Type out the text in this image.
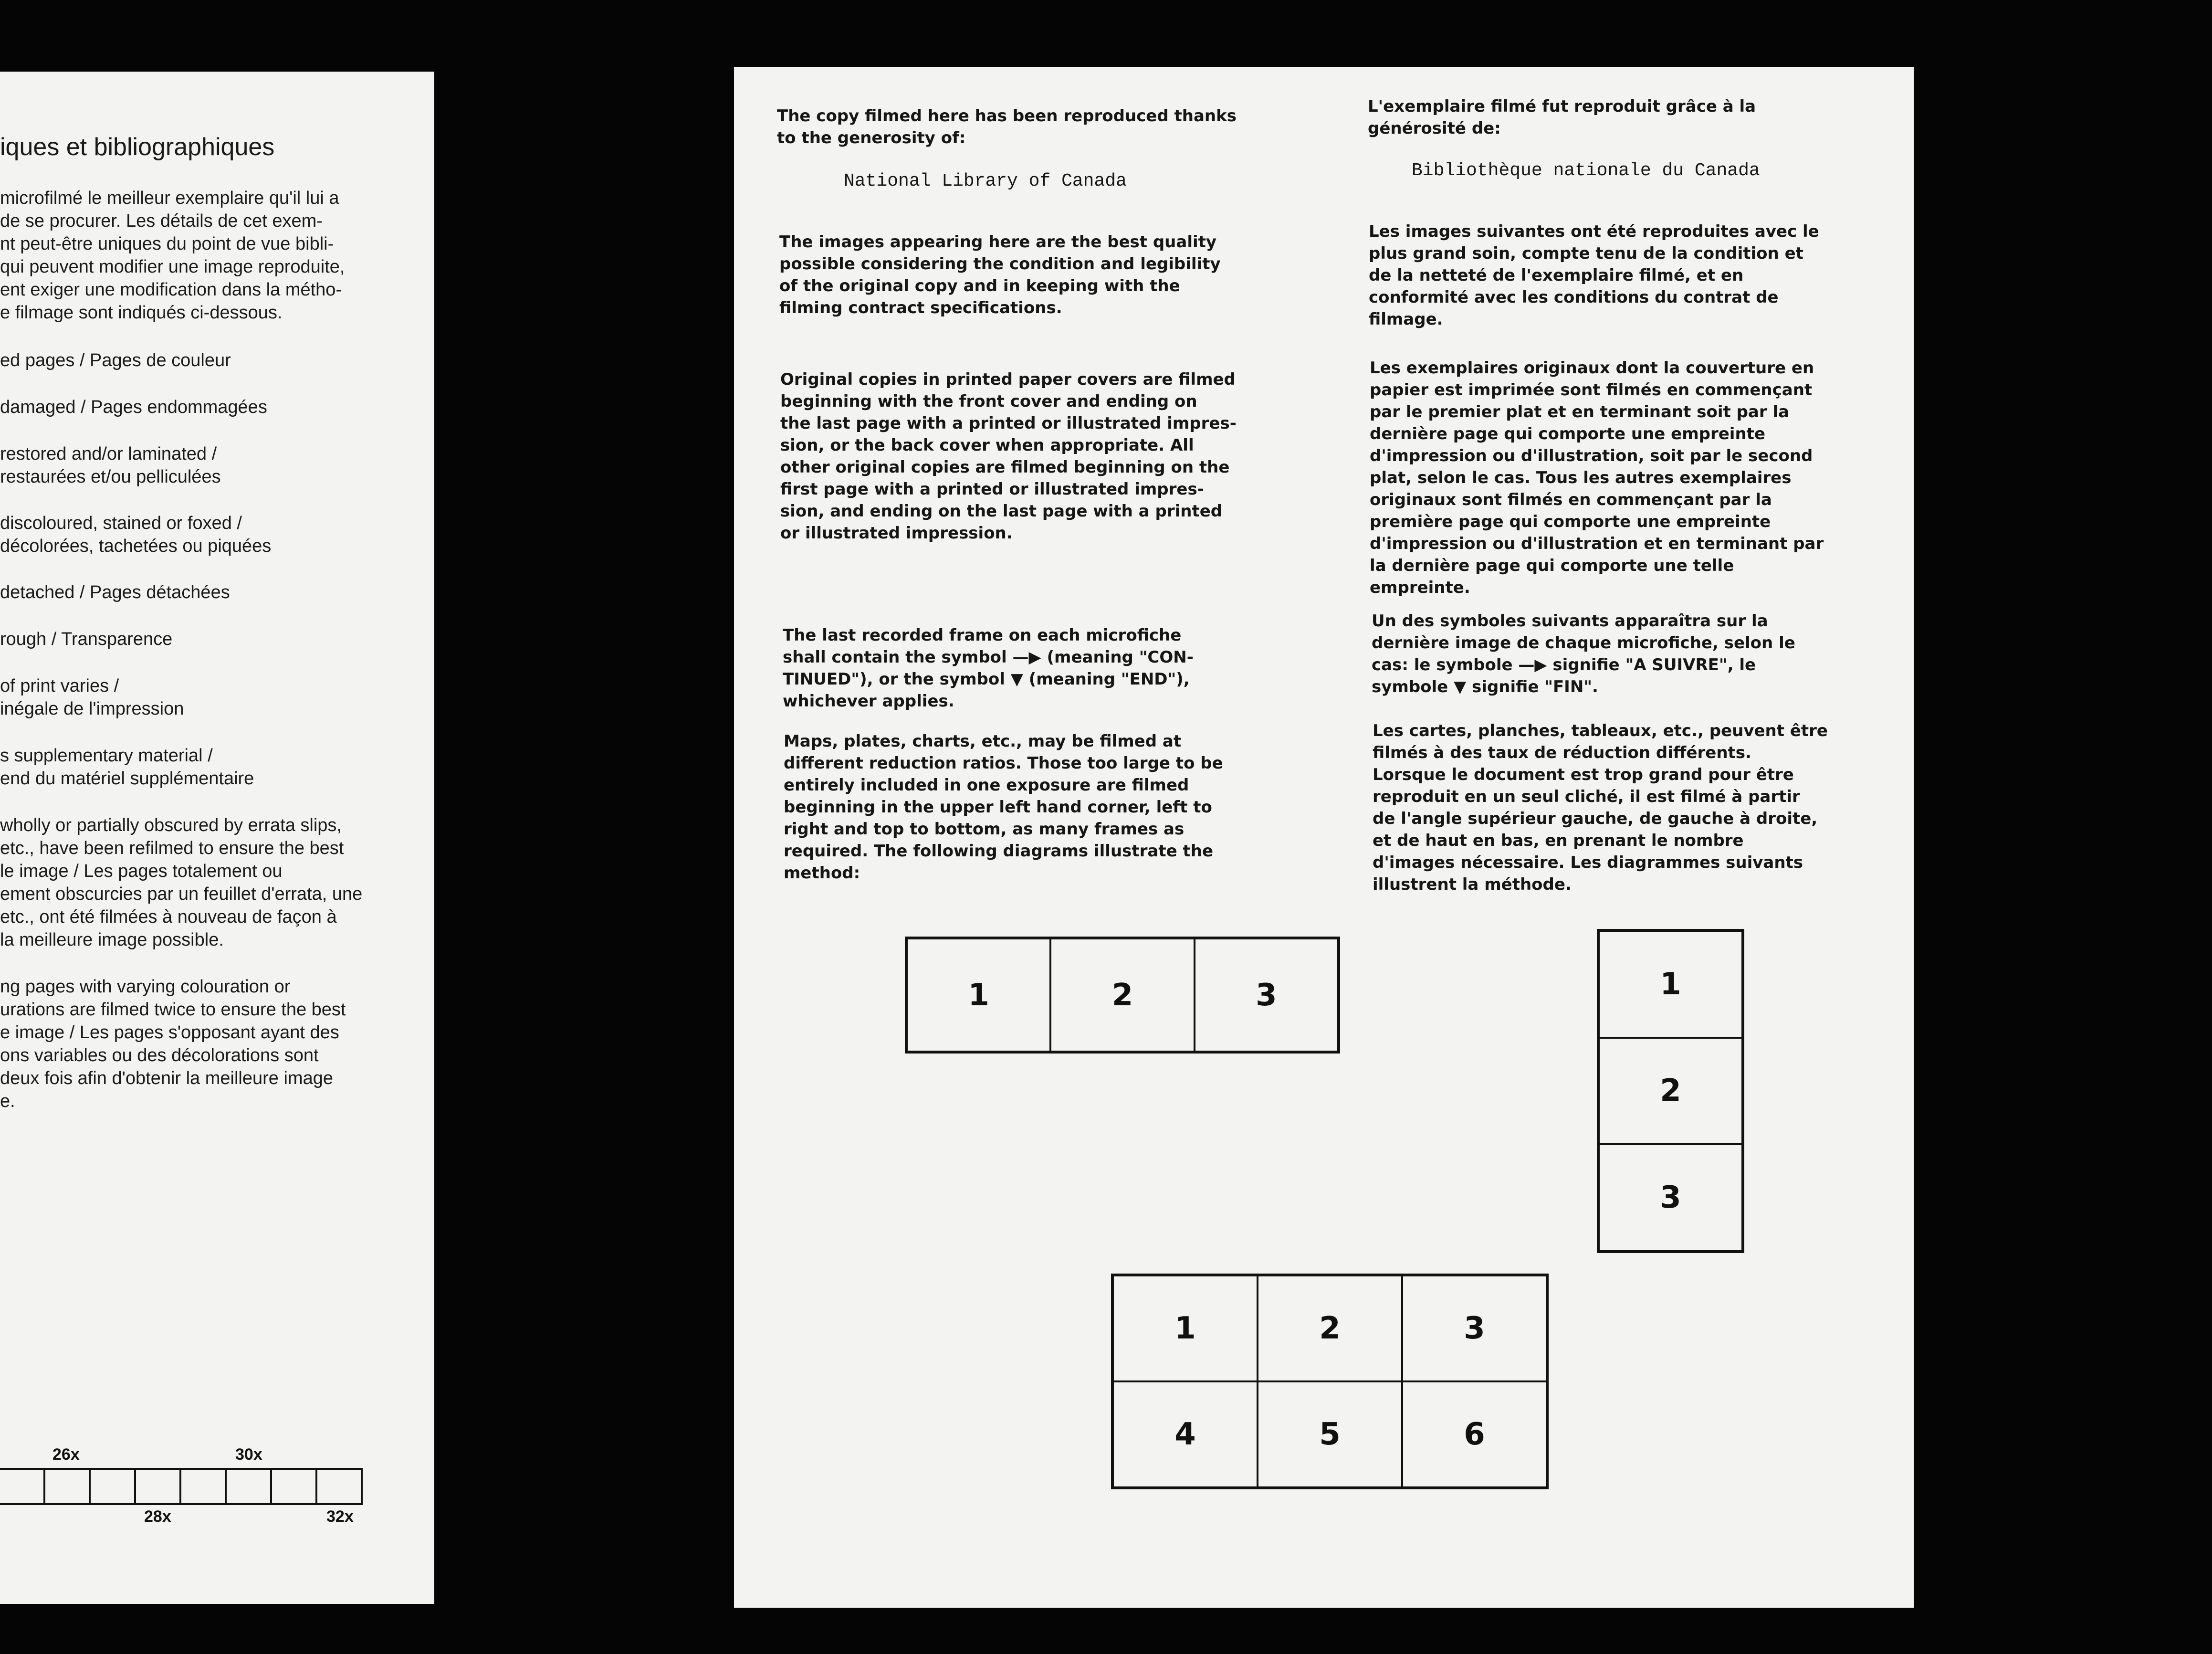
iques et bibliographiques
microfilmé le meilleur exemplaire qu'il lui a
de se procurer. Les détails de cet exem-
nt peut-être uniques du point de vue bibli-
qui peuvent modifier une image reproduite,
ent exiger une modification dans la métho-
e filmage sont indiqués ci-dessous.
ed pages / Pages de couleur
damaged / Pages endommagées
restored and/or laminated /
restaurées et/ou pelliculées
discoloured, stained or foxed /
décolorées, tachetées ou piquées
detached / Pages détachées
rough / Transparence
of print varies /
inégale de l'impression
s supplementary material /
end du matériel supplémentaire
wholly or partially obscured by errata slips,
etc., have been refilmed to ensure the best
le image / Les pages totalement ou
ement obscurcies par un feuillet d'errata, une
etc., ont été filmées à nouveau de façon à
la meilleure image possible.
ng pages with varying colouration or
urations are filmed twice to ensure the best
e image / Les pages s'opposant ayant des
ons variables ou des décolorations sont
deux fois afin d'obtenir la meilleure image
e.
26x
28x
30x
32x
The copy filmed here has been reproduced thanks
to the generosity of:
National Library of Canada
The images appearing here are the best quality
possible considering the condition and legibility
of the original copy and in keeping with the
filming contract specifications.
Original copies in printed paper covers are filmed
beginning with the front cover and ending on
the last page with a printed or illustrated impres-
sion, or the back cover when appropriate. All
other original copies are filmed beginning on the
first page with a printed or illustrated impres-
sion, and ending on the last page with a printed
or illustrated impression.
The last recorded frame on each microfiche
shall contain the symbol —▶ (meaning "CON-
TINUED"), or the symbol ▼ (meaning "END"),
whichever applies.
Maps, plates, charts, etc., may be filmed at
different reduction ratios. Those too large to be
entirely included in one exposure are filmed
beginning in the upper left hand corner, left to
right and top to bottom, as many frames as
required. The following diagrams illustrate the
method:
L'exemplaire filmé fut reproduit grâce à la
générosité de:
Bibliothèque nationale du Canada
Les images suivantes ont été reproduites avec le
plus grand soin, compte tenu de la condition et
de la netteté de l'exemplaire filmé, et en
conformité avec les conditions du contrat de
filmage.
Les exemplaires originaux dont la couverture en
papier est imprimée sont filmés en commençant
par le premier plat et en terminant soit par la
dernière page qui comporte une empreinte
d'impression ou d'illustration, soit par le second
plat, selon le cas. Tous les autres exemplaires
originaux sont filmés en commençant par la
première page qui comporte une empreinte
d'impression ou d'illustration et en terminant par
la dernière page qui comporte une telle
empreinte.
Un des symboles suivants apparaîtra sur la
dernière image de chaque microfiche, selon le
cas: le symbole —▶ signifie "A SUIVRE", le
symbole ▼ signifie "FIN".
Les cartes, planches, tableaux, etc., peuvent être
filmés à des taux de réduction différents.
Lorsque le document est trop grand pour être
reproduit en un seul cliché, il est filmé à partir
de l'angle supérieur gauche, de gauche à droite,
et de haut en bas, en prenant le nombre
d'images nécessaire. Les diagrammes suivants
illustrent la méthode.
1	2	3	1
2
3
1	2	3
4	5	6
